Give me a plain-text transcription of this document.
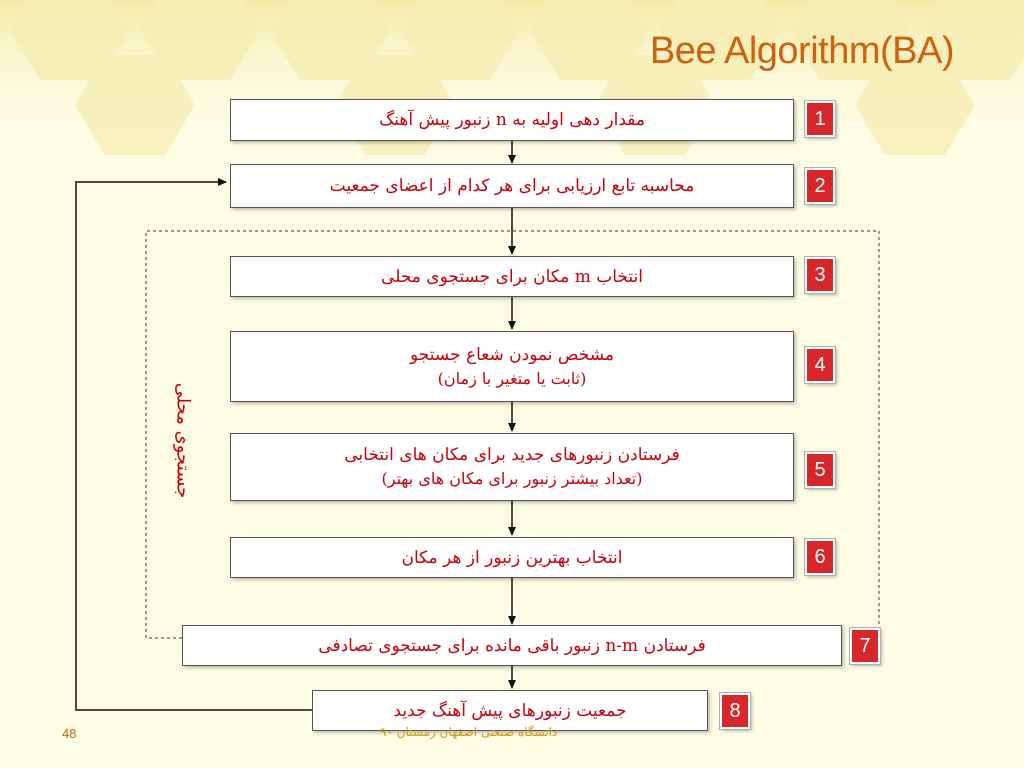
Bee Algorithm(BA)
مقدار دهی اولیه به n زنبور پیش آهنگ	1
محاسبه تابع ارزیابی برای هر کدام از اعضای جمعیت	2
انتخاب m مکان برای جستجوی محلی	3
مشخص نمودن شعاع جستجو
(ثابت یا متغیر با زمان)
4
فرستادن زنبورهای جدید برای مکان های انتخابی
(تعداد بیشتر زنبور برای مکان های بهتر)	5
انتخاب بهترین زنبور از هر مکان	6
فرستادن n-m زنبور باقی مانده برای جستجوی تصادفی	7
جمعیت زنبورهای پیش آهنگ جدید	8
جستجوی محلی
48	دانشگاه صنعتی اصفهان زمستان ۹۰
